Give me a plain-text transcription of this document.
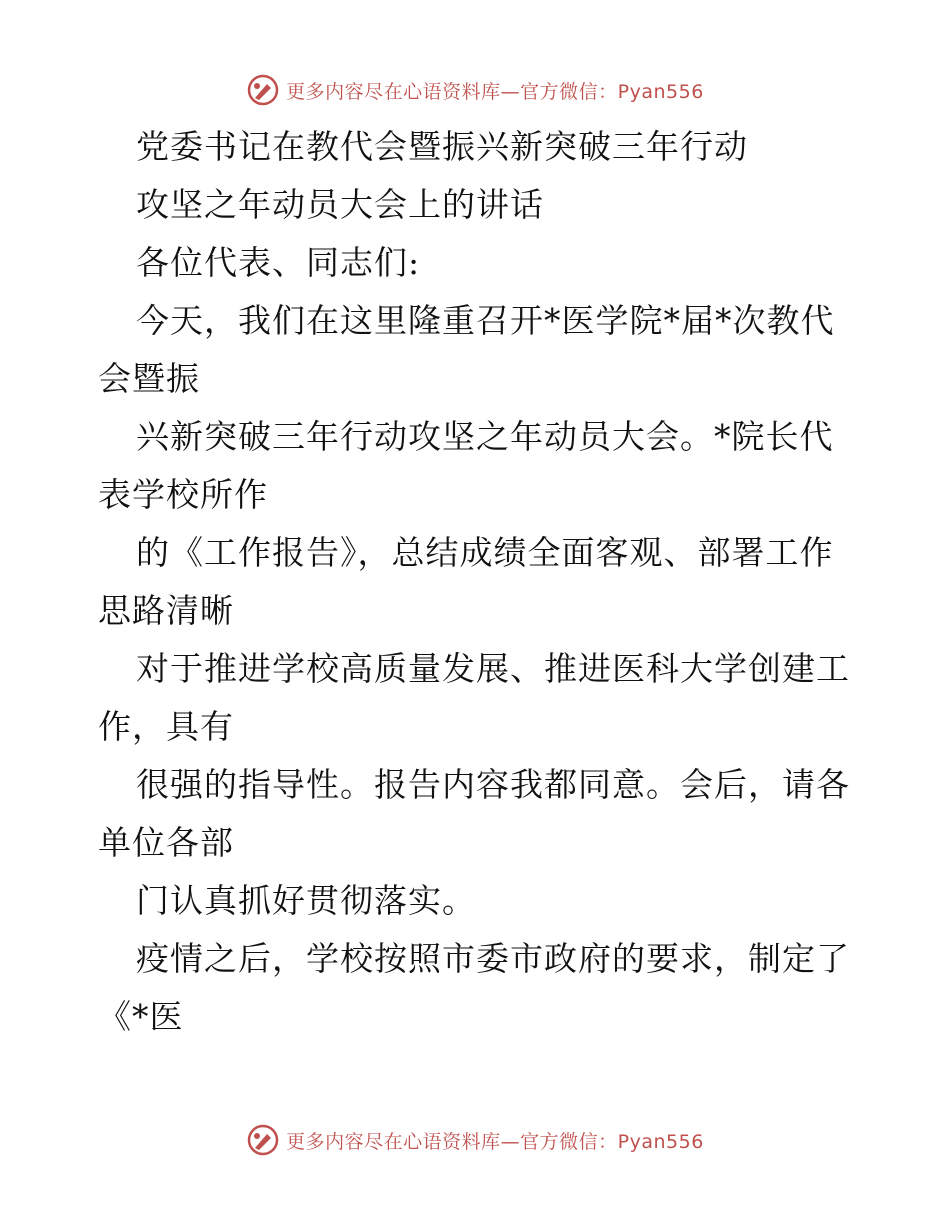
更多内容尽在心语资料库—官方微信：Pyan556
党委书记在教代会暨振兴新突破三年行动
攻坚之年动员大会上的讲话
各位代表、同志们:
今天，我们在这里隆重召开*医学院*届*次教代
会暨振
兴新突破三年行动攻坚之年动员大会。*院长代
表学校所作
的《工作报告》，总结成绩全面客观、部署工作
思路清晰
对于推进学校高质量发展、推进医科大学创建工
作，具有
很强的指导性。报告内容我都同意。会后，请各
单位各部
门认真抓好贯彻落实。
疫情之后，学校按照市委市政府的要求，制定了
《*医
更多内容尽在心语资料库—官方微信：Pyan556
